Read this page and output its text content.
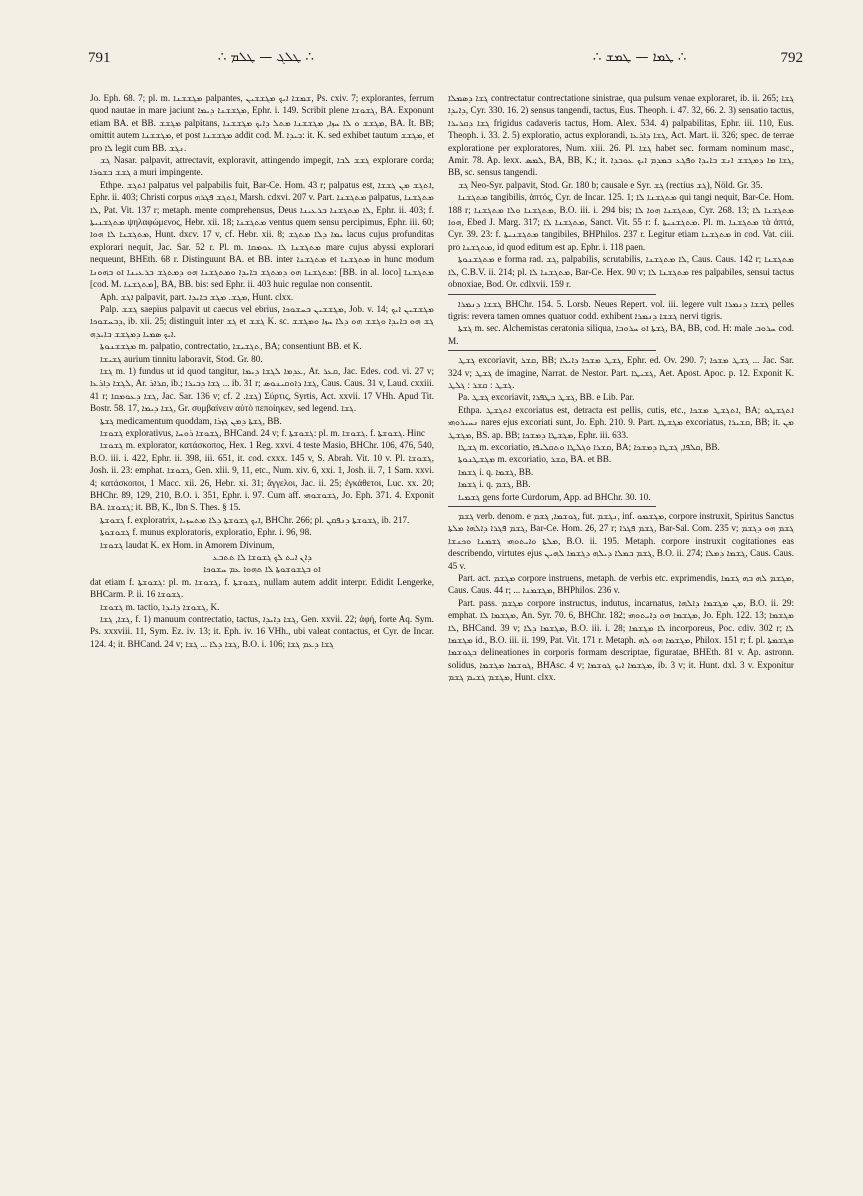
791	∴ ܛܠܓ — ܛܠܡ ∴	∴ ܛܡܐ — ܛܡܫ ∴	792

Jo. Eph. 68. 7; pl. m. ܡܓܫܫܢܐ palpantes, ܫܡܫܐ ܐܝܟ ܡܓܫܫܝܢ, Ps. cxiv. 7; explorantes, ferrum quod nautae in mare jaciunt ܡܓܫܫܢܐ ܕܝܡܐ, Ephr. i. 149. Scribit plene ܓܫܘܫܐ, BA. Exponunt etiam BA. et BB. ܡܓܫܫ palpitans, ܡܓܫܫ ܘ ܠܐ ܚܙܐ, ܡܓܫܫܢܐ ܡܬܠ ܕܐܝܟ ܡܓܫܫܢܐ, BA. It. BB; omittit autem ܡܓܫܫܢܐ, et post ܡܓܫܫܢܐ addit cod. M. ܒܝܕܐ: it. K. sed exhibet tautum ܡܓܫܫ, et pro ܠܐ legit cum BB. ܢܓܫ.

ܓܫ Nasar. palpavit, attrectavit, exploravit, attingendo impegit, ܓܫܫ ܠܒܐ explorare corda; ܓܫܫ ܒܫܘܪܐ a muri impingente.

Ethpe. ܐܬܓܫ palpatus vel palpabilis fuit, Bar-Ce. Hom. 43 r; palpatus est, ܐܬܓܫ ܡܢ ܓܫܫܐ, Ephr. ii. 403; Christi corpus ܐܬܓܫ ܦܓܪܗ, Marsh. cdxvi. 207 v. Part. ܡܬܓܫܢܐ palpatus, ܡܬܓܫܢܐ ܠܐ, Pat. Vit. 137 r; metaph. mente comprehensus, Deus ܠܐ ܡܬܓܫܢܐ ܒܪܥܝܢܐ, Ephr. ii. 403; f. ܡܬܓܫܢܝܬܐ ψηλαφώμενος, Hebr. xii. 18; ܡܬܓܫܢܐ ventus quem sensu percipimus, Ephr. iii. 60; ܡܬܓܫܢܐ ܠܐ ܗܘܐ, Hunt. dxcv. 17 v, cf. Hebr. xii. 8; ܝܡܐ ܕܠܐ ܡܬܓܫ lacus cujus profunditas explorari nequit, Jac. Sar. 52 r. Pl. m. ܡܬܓܫܢܐ ܠܐ ܥܘܡܩܐ mare cujus abyssi explorari nequeunt, BHEth. 68 r. Distinguunt BA. et BB. inter ܡܬܓܫܢܐ et ܡܬܓܫܢܐ in hunc modum ܡܬܓܫܢܐ ܗܘ ܕܡܬܓܫ ܒܐܝܕܐ ܘܡܬܓܫܢܐ ܗܘ ܕܡܬܓܫ ܒܪܥܝܢܐ ܐܘ ܒܗܘܢܐ: [BB. in al. loco] ܡܬܓܫܢܐ [cod. M. ܡܬܓܫܢܐ], BA, BB. bis: sed Ephr. ii. 403 huic regulae non consentit.

Aph. ܐܓܫ palpavit, part. ܡܓܫ. ܡܓܫ ܒܐܝܕܐ, Hunt. clxx.

Palp. ܓܫܫ saepius palpavit ut caecus vel ebrius, ܡܓܫܫܝܢ ܒܚܫܘܟܐ, Job. v. 14; ܡܓܫܫܝܢ ܐܝܟ ܕܒܚܫܘܟܐ, ib. xii. 25; distinguit inter ܓܫ et ܓܫܫ K. sc. ܓܫ ܗܘ ܒܐܝܕܐ ܘܓܫܫ ܗܘ ܕܠܐ ܚܙܐ ܘܡܓܫܫ ܐܝܟ ܣܡܝܐ ܕܡܓܫܫ ܒܐܝܕܗ.

ܡܓܫܫܢܘܬܐ m. palpatio, contrectatio, ܬܓܫܝܫܐ, BA; consentiunt BB. et K.

ܓܫܝܫܐ aurium tinnitu laboravit, Stod. Gr. 80.

ܓܫܐ m. 1) fundus ut id quod tangitur, ܥܕܡܐ ܠܓܫܐ ܕܝܡܐ, Ar. ܩܥܪ, Jac. Edes. cod. vi. 27 v; ܠܓܫܐ ܕܐܪܥܐ, Ar. ܩܪܐܪ, ib.; ܓܫܐ ܕܒܝܪܐ ... ib. 31 r; ܓܫܐ ܕܐܘܩܝܢܘܣ, Caus. Caus. 31 v, Laud. cxxiii. 41 r; ܓܫܐ ܕܥܘܡܩܐ, Jac. Sar. 136 v; cf. ܓܫܐ. 2) Σύρτις, Syrtis, Act. xxvii. 17 VHh. Apud Tit. Bostr. 58. 17, ܓܫܐ ܕܝܡܐ, Gr. συμβαίνειν αὐτὸ πεποίηκεν, sed legend. ܓܫܐ.

ܓܫܬܐ medicamentum quoddam, ܓܫܬܐ ܕܡܢ ܓܙܪܐ, BB.

ܓܫܘܫܐ explorativus, ܓܫܘܫܐ ܪܘܚܐ, BHCand. 24 v; f. ܓܫܘܫܬܐ: pl. m. ܓܫܘܫܐ. f. ܓܫܘܫܬܐ. Hinc

ܓܫܘܫܐ m. explorator, κατάσκοπος, Hex. 1 Reg. xxvi. 4 teste Masio, BHChr. 106, 476, 540, B.O. iii. i. 422, Ephr. ii. 398, iii. 651, it. cod. cxxx. 145 v, S. Abrah. Vit. 10 v. Pl. ܓܫܘܫܐ, Josh. ii. 23: emphat. ܓܫܘܫܐ, Gen. xlii. 9, 11, etc., Num. xiv. 6, xxi. 1, Josh. ii. 7, 1 Sam. xxvi. 4; κατάσκοποι, 1 Macc. xii. 26, Hebr. xi. 31; ἄγγελοι, Jac. ii. 25; ἐγκάθετοι, Luc. xx. 20; BHChr. 89, 129, 210, B.O. i. 351, Ephr. i. 97. Cum aff. ܓܫܘܫܘܗܝ, Jo. Eph. 371. 4. Exponit BA. ܓܫܘܫܐ; it. BB, K., Ibn S. Thes. § 15.

ܓܫܘܫܬܐ f. exploratrix, ܐܝܟ ܓܫܘܫܬܐ ܕܠܐ ܡܬܚܙܝܐ, BHChr. 266; pl. ܓܫܘܫܬܐ ܕܢܦܩܢ, ib. 217.

ܓܫܘܫܘܬܐ f. munus exploratoris, exploratio, Ephr. i. 96, 98.

ܓܫܘܫܐ laudat K. ex Hom. in Amorem Divinum,

ܕܐܢ ܐܝܬ ܠܟ ܓܫܘܫܐ ܠܐ ܬܬܒܥ

ܐܘ ܒܓܫܘܫܘܬܐ ܠܐ ܬܗܘܐ ܥܡ ܚܫܘܟܐ

dat etiam f. ܓܫܘܫܬܐ: pl. m. ܓܫܘܫܐ, f. ܓܫܘܫܬܐ, nullam autem addit interpr. Edidit Lengerke, BHCarm. P. ii. 16 ܓܫܘܫܐ.

ܓܫܘܫܐ m. tactio, ܓܫܘܫܐ ܕܐܝܕܐ, K.

ܓܫܐ, ܓܫܐ, f. 1) manuum contrectatio, tactus, ܓܫܐ ܕܐܝܕܐ, Gen. xxvii. 22; ἁφή, forte Aq. Sym. Ps. xxxviii. 11, Sym. Ez. iv. 13; it. Eph. iv. 16 VHh., ubi valeat contactus, et Cyr. de Incar. 124. 4; it. BHCand. 24 v; ܓܫܐ ܕܠܐ ... ܓܫܐ, B.O. i. 106; ܓܫܐ ܕܥܡ ܓܫܐ

ܓܫܐ ܕܣܡܠܐ contrectatur contrectatione sinistrae, qua pulsum venae exploraret, ib. ii. 265; ܓܫܐ ܕܐܝܕܐ, Cyr. 330. 16. 2) sensus tangendi, tactus, Eus. Theoph. i. 47. 32, 66. 2. 3) sensatio tactus, ܓܫܐ ܕܩܪܝܪܐ frigidus cadaveris tactus, Hom. Alex. 534. 4) palpabilitas, Ephr. iii. 110, Eus. Theoph. i. 33. 2. 5) exploratio, actus explorandi, ܓܫܐ ܕܐܪܥܐ, Act. Mart. ii. 326; spec. de terrae exploratione per exploratores, Num. xiii. 26. Pl. ܓܫܐ habet sec. formam nominum masc., Amir. 78. Ap. lexx. ܠܡܣ, BA, BB, K.; it. ܓܫܐ ܡܐ ܕܡܓܫܫ ܐܢܫ ܒܐܝܕܐ ܘܦܓܥ ܒܡܕܡ ܐܝܟ ܥܘܒܕܐ, BB, sc. sensus tangendi.

ܓܫ Neo-Syr. palpavit, Stod. Gr. 180 b; causale e Syr. ܓܫ (rectius ܓܫ), Nöld. Gr. 35.

ܡܬܓܫܢܐ tangibilis, ἁπτός, Cyr. de Incar. 125. 1; ܡܬܓܫܢܐ ܠܐ qui tangi nequit, Bar-Ce. Hom. 188 r; ܡܬܓܫܢܐ ܘܠܐ ܡܬܓܫܢܐ, B.O. iii. i. 294 bis; ܡܬܓܫܢܐ ܗܘܐ ܠܐ, Cyr. 268. 13; ܡܬܓܫܢܐ ܠܐ ܗܘܐ, Ebed J. Marg. 317; ܡܬܓܫܢܐ ܠܐ, Sanct. Vit. 55 r: f. ܡܬܓܫܢܝܬܐ. Pl. m. ܡܬܓܫܢܐ τὰ ἁπτά, Cyr. 39. 23: f. ܡܬܓܫܢܝܬܐ tangibiles, BHPhilos. 237 r. Legitur etiam ܡܬܓܫܢܐ in cod. Vat. ciii. pro ܡܬܓܫܢܐ, id quod editum est ap. Ephr. i. 118 paen.

ܡܬܓܫܢܘܬܐ e forma rad. ܓܫ, palpabilis, scrutabilis, ܠܐ ܡܬܓܫܢܐ, Caus. Caus. 142 r; ܡܬܓܫܢܐ ܠܐ, C.B.V. ii. 214; pl. ܡܬܓܫܢܐ ܠܐ, Bar-Ce. Hex. 90 v; ܡܬܓܫܢܐ ܠܐ res palpabiles, sensui tactus obnoxiae, Bod. Or. cdlxvii. 159 r.

ܓܫܫܐ ܕܢܡܪܐ BHChr. 154. 5. Lorsb. Neues Repert. vol. iii. legere vult ܓܫܫܐ ܕܢܡܪܐ pelles tigris: revera tamen omnes quatuor codd. exhibent ܓܫܫܐ ܕܢܡܪܐ nervi tigris.

ܓܫܬܐ m. sec. Alchemistas ceratonia siliqua, ܓܫܬܐ ܐܘ ܚܪܘܒܐ, BA, BB, cod. H: male ܚܪܘܒ cod. M.

ܓܫܛ excoriavit, ܩܫܪ, BB; ܓܫܛ ܡܫܟܐ ܕܐܝܠܐ, Ephr. ed. Ov. 290. 7; ܓܫܛ ܡܫܟܐ ... Jac. Sar. 324 v; ܓܫܛ de imagine, Narrat. de Nestor. Part. ܓܫܝܛܐ, Aet. Apost. Apoc. p. 12. Exponit K. ܓܫܛ : ܩܫܪ : ܓܠܛ.

Pa. ܓܫܛ excoriavit, ܓܫܛ ܒܛܦܪܐ, BB. e Lib. Par.

Ethpa. ܐܬܓܫܛ excoriatus est, detracta est pellis, cutis, etc., ܐܬܓܫܛ ܡܫܟܐ, BA; ܐܬܓܫܛܘ ܢܚܝܪܘܗܝ nares ejus excoriati sunt, Jo. Eph. 210. 9. Part. ܡܓܫܛܐ excoriatus, ܩܫܝܪܐ, BB; it. ܡܢ ܡܓܫܛ, BS. ap. BB; ܡܓܫܛܐ ܕܡܫܟܐ, Ephr. iii. 633.

ܓܫܛܐ m. excoriatio, ܩܫܪܐ ܘܓܠܛܐ ܘܬܩܠܝܦܐ, BA; ܩܠܦܐ, ܓܫܛܐ ܕܡܫܟܐ, BB.

ܡܓܫܛܢܘܬܐ m. excoriatio, ܩܫܪ, BA. et BB.

ܓܫܡܐ i. q. ܓܫܡܐ, BB.

ܓܫܡܐ i. q. ܓܫܡ, BB.

ܓܫܡܝܐ gens forte Curdorum, App. ad BHChr. 30. 10.

ܓܫܡ verb. denom. e ܓܘܫܡܐ, ܓܫܡ, fut. ܢܓܫܡ, inf. ܡܓܫܡܘ, corpore instruxit, Spiritus Sanctus ܓܫܡ ܦܓܪܐ ܕܐܠܗܐ ܡܠܬܐ, Bar-Ce. Hom. 26, 27 r; ܓܫܡ ܦܓܪܐ, Bar-Sal. Com. 235 v; ܓܫܡ ܗܘ ܕܓܫܡ ܡܠܬܐ ܘܐܝܬܘܗܝ ܓܫܡܢܐ ܘܟܢܫܐ, B.O. ii. 195. Metaph. corpore instruxit cogitationes eas describendo, virtutes ejus ܓܫܡ ܒܡܠܐ ܕܝܠܗ ܕܓܫܡܐ ܠܗܝܢ, B.O. ii. 274; ܓܫܡܐ ܕܡܠܐ, Caus. Caus. 45 v.

Part. act. ܡܓܫܡ corpore instruens, metaph. de verbis etc. exprimendis, ܡܓܫܡ ܠܗ ܒܗ ܓܫܡܐ, Caus. Caus. 44 r; ... ܡܓܫܡܢܐ, BHPhilos. 236 v.

Part. pass. ܡܓܫܡ corpore instructus, indutus, incarnatus, ܡܢ ܡܓܫܡܐ ܕܐܠܗܐ, B.O. ii. 29: emphat. ܡܓܫܡܐ ܠܐ, An. Syr. 70. 6, BHChr. 182; ܡܓܫܡܐ ܗܘ ܕܐܝܬܘܗܝ, Jo. Eph. 122. 13; ܡܓܫܡܐ ܠܐ, BHCand. 39 v; ܡܓܫܡܐ ܕܠܐ, B.O. iii. i. 28; ܠܐ ܡܓܫܡܐ incorporeus, Poc. cdiv. 302 r; ܠܐ ܡܓܫܡܐ id., B.O. iii. ii. 199, Pat. Vit. 171 r. Metaph. ܡܓܫܡܐ ܗܘ ܠܗ, Philox. 151 r; f. pl. ܡܓܫܡܬܐ ܒܓܘܫܡܐ delineationes in corporis formam descriptae, figuratae, BHEth. 81 v. Ap. astronn. solidus, ܓܘܫܡܐ ܡܓܫܡܐ, BHAsc. 4 v; ܡܓܫܡܐ ܐܝܟ ܓܘܫܡܐ, ib. 3 v; it. Hunt. dxl. 3 v. Exponitur ܡܓܫܡ ܓܫܝܡ ܓܫܡ, Hunt. clxx.
